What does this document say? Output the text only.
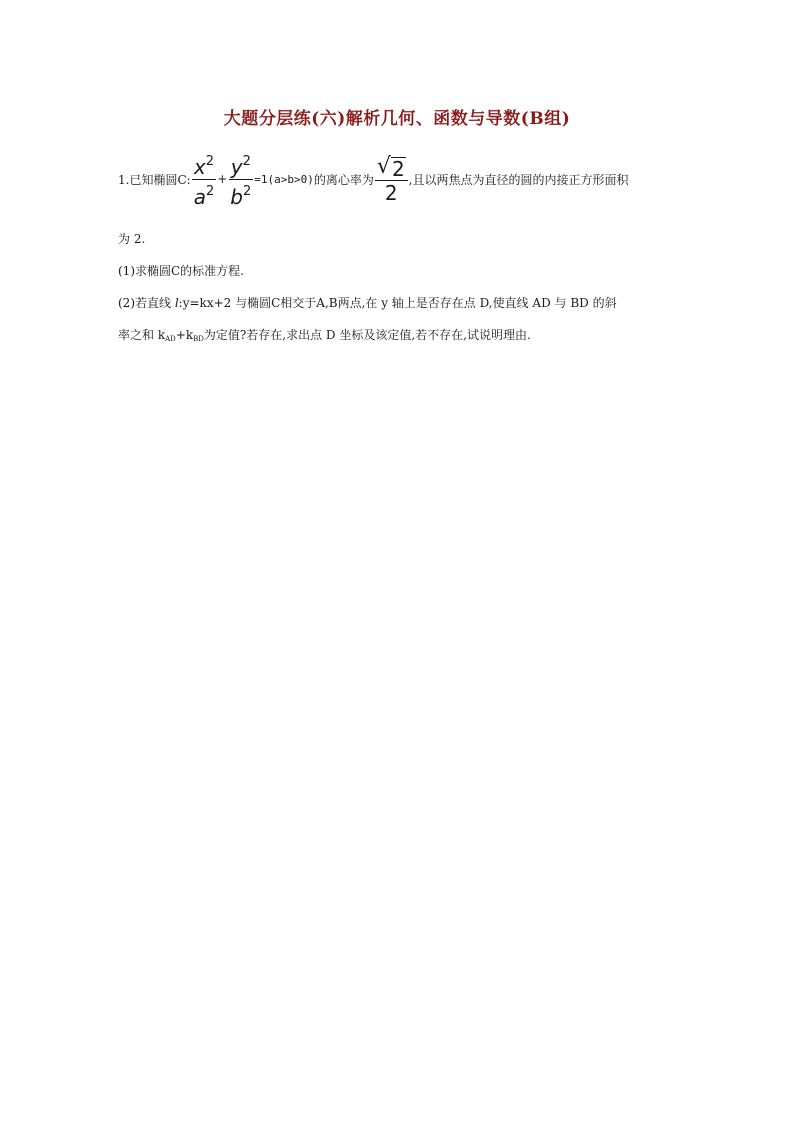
大题分层练(六)解析几何、函数与导数(B组)
1.已知椭圆C: $\frac{x^2}{a^2} + \frac{y^2}{b^2} =1(a>b>0)$ 的离心率为 $\frac{√ 2}{2}$ ,且以两焦点为直径的圆的内接正方形面积
为 2.
(1)求椭圆C的标准方程.
(2)若直线 l:y=kx+2 与椭圆C相交于A,B两点,在 y 轴上是否存在点 D,使直线 AD 与 BD 的斜
率之和 $k_{AD}+k_{BD}$为定值?若存在,求出点 D 坐标及该定值,若不存在,试说明理由.
